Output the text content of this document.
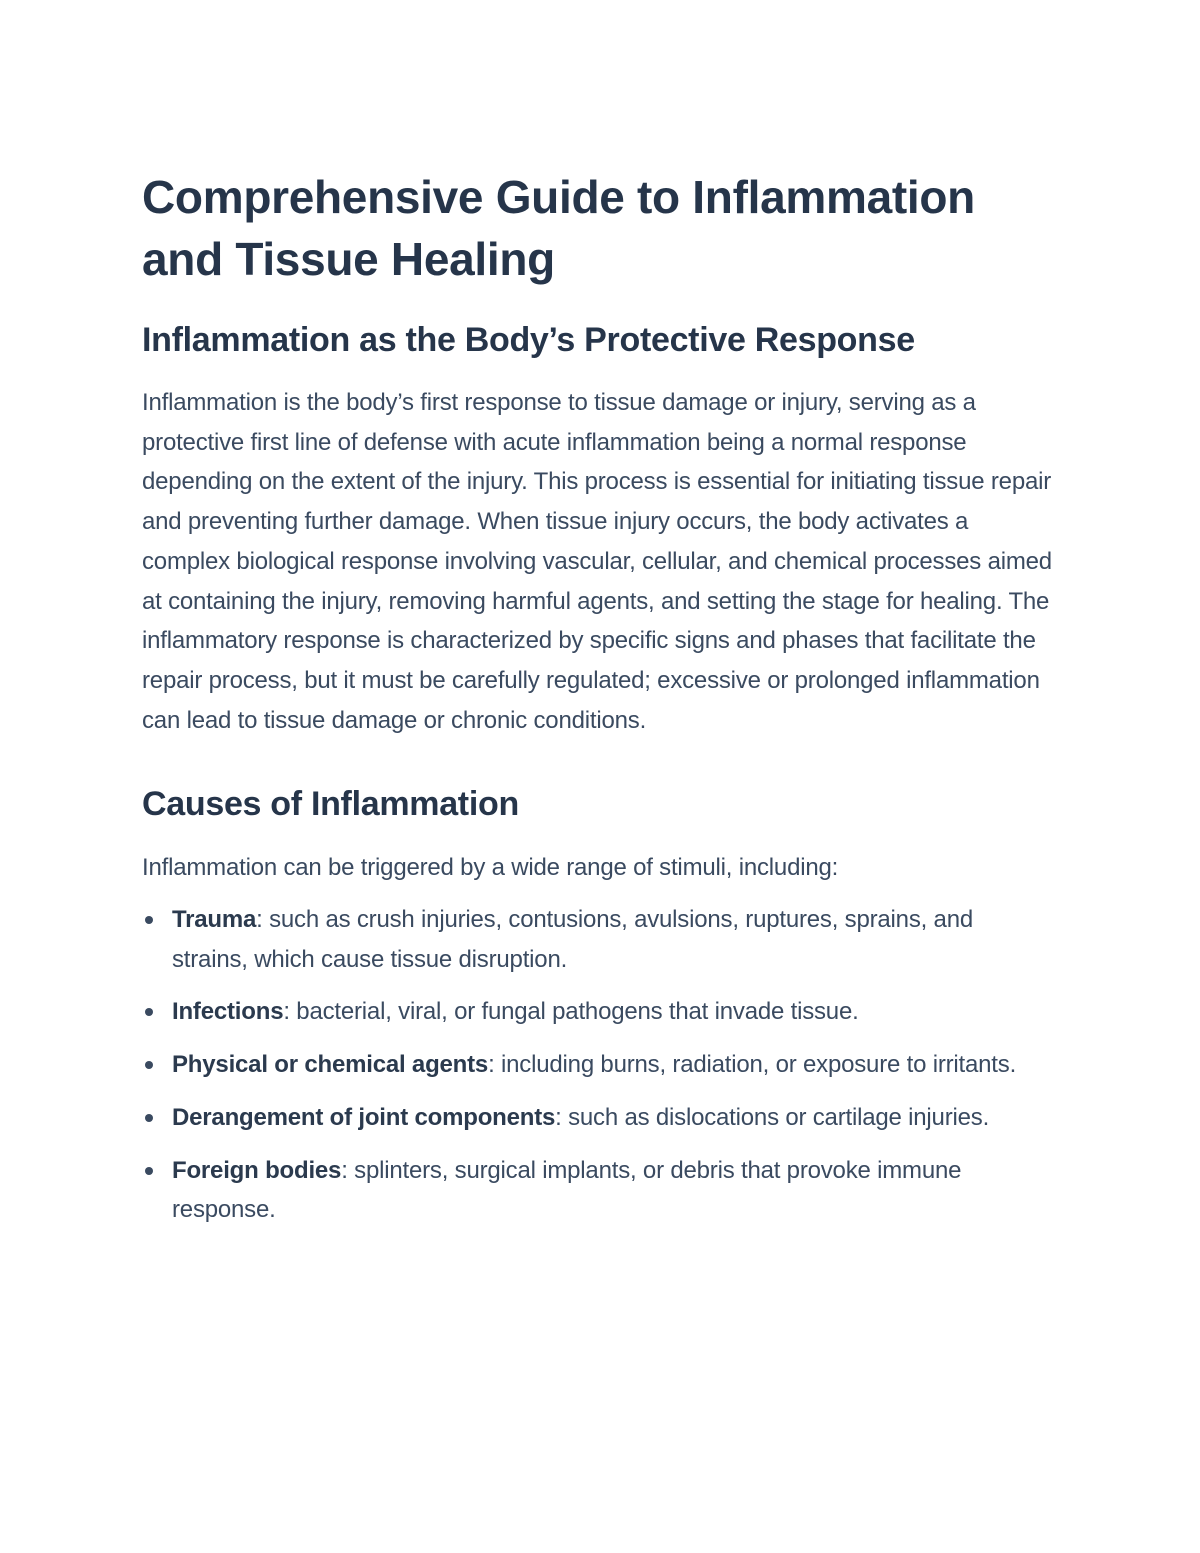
Comprehensive Guide to Inflammation and Tissue Healing
Inflammation as the Body’s Protective Response

Inflammation is the body’s first response to tissue damage or injury, serving as a protective first line of defense with acute inflammation being a normal response depending on the extent of the injury. This process is essential for initiating tissue repair and preventing further damage. When tissue injury occurs, the body activates a complex biological response involving vascular, cellular, and chemical processes aimed at containing the injury, removing harmful agents, and setting the stage for healing. The inflammatory response is characterized by specific signs and phases that facilitate the repair process, but it must be carefully regulated; excessive or prolonged inflammation can lead to tissue damage or chronic conditions.

Causes of Inflammation

Inflammation can be triggered by a wide range of stimuli, including:

Trauma: such as crush injuries, contusions, avulsions, ruptures, sprains, and strains, which cause tissue disruption.
Infections: bacterial, viral, or fungal pathogens that invade tissue.
Physical or chemical agents: including burns, radiation, or exposure to irritants.
Derangement of joint components: such as dislocations or cartilage injuries.
Foreign bodies: splinters, surgical implants, or debris that provoke immune response.
